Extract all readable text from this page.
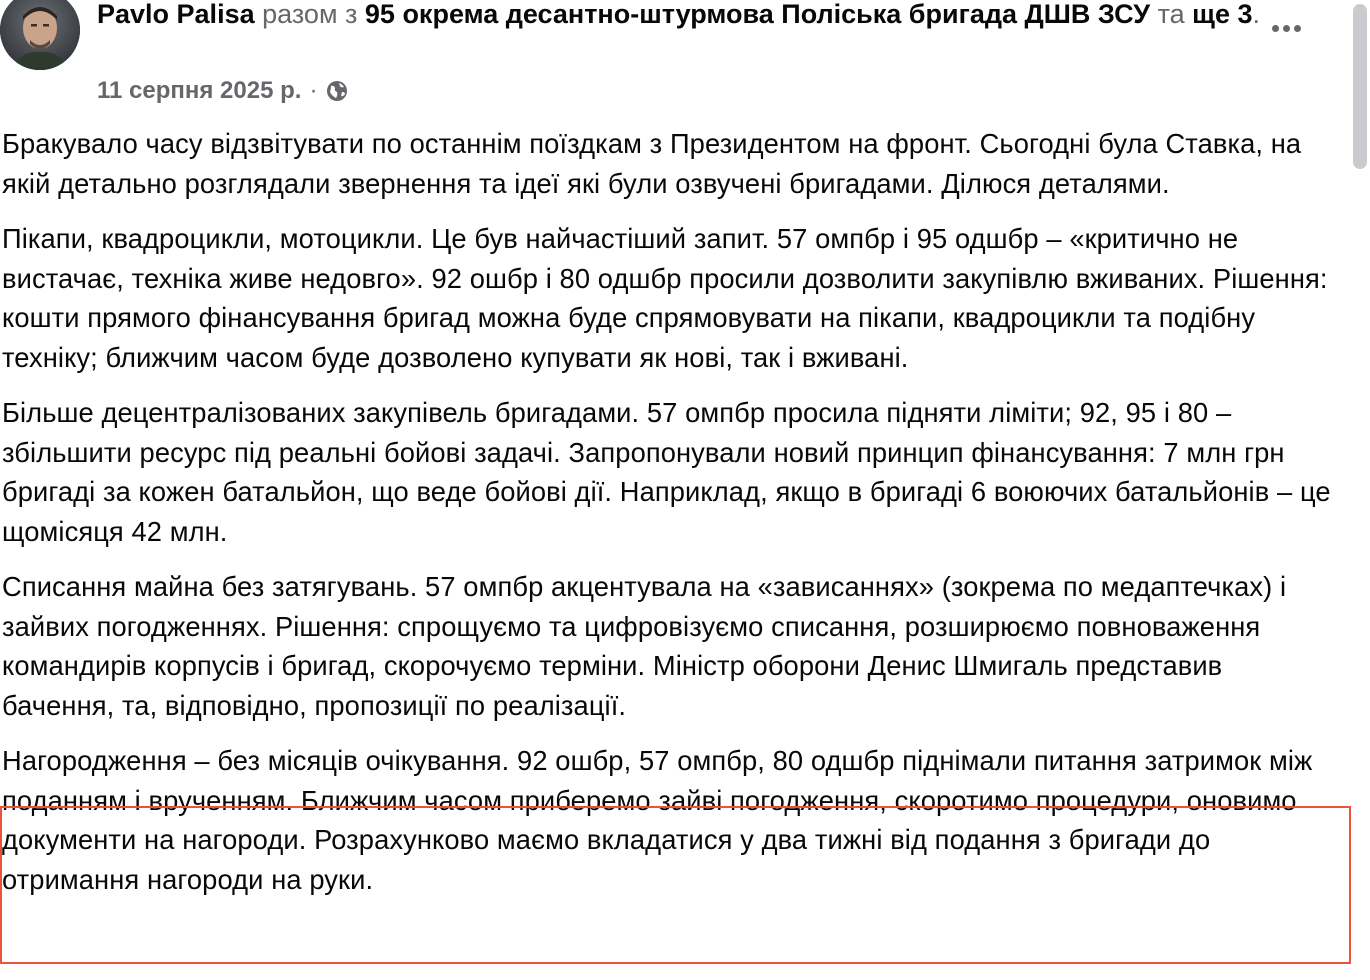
Pavlo Palisa разом з 95 окрема десантно-штурмова Поліська бригада ДШВ ЗСУ та ще 3.
11 серпня 2025 р. ·

Бракувало часу відзвітувати по останнім поїздкам з Президентом на фронт. Сьогодні була Ставка, на якій детально розглядали звернення та ідеї які були озвучені бригадами. Ділюся деталями.

Пікапи, квадроцикли, мотоцикли. Це був найчастіший запит. 57 омпбр і 95 одшбр – «критично не вистачає, техніка живе недовго». 92 ошбр і 80 одшбр просили дозволити закупівлю вживаних. Рішення: кошти прямого фінансування бригад можна буде спрямовувати на пікапи, квадроцикли та подібну техніку; ближчим часом буде дозволено купувати як нові, так і вживані.

Більше децентралізованих закупівель бригадами. 57 омпбр просила підняти ліміти; 92, 95 і 80 – збільшити ресурс під реальні бойові задачі. Запропонували новий принцип фінансування: 7 млн грн бригаді за кожен батальйон, що веде бойові дії. Наприклад, якщо в бригаді 6 воюючих батальйонів – це щомісяця 42 млн.

Списання майна без затягувань. 57 омпбр акцентувала на «зависаннях» (зокрема по медаптечках) і зайвих погодженнях. Рішення: спрощуємо та цифровізуємо списання, розширюємо повноваження командирів корпусів і бригад, скорочуємо терміни. Міністр оборони Денис Шмигаль представив бачення, та, відповідно, пропозиції по реалізації.

Нагородження – без місяців очікування. 92 ошбр, 57 омпбр, 80 одшбр піднімали питання затримок між поданням і врученням. Ближчим часом приберемо зайві погодження, скоротимо процедури, оновимо документи на нагороди. Розрахунково маємо вкладатися у два тижні від подання з бригади до отримання нагороди на руки.
